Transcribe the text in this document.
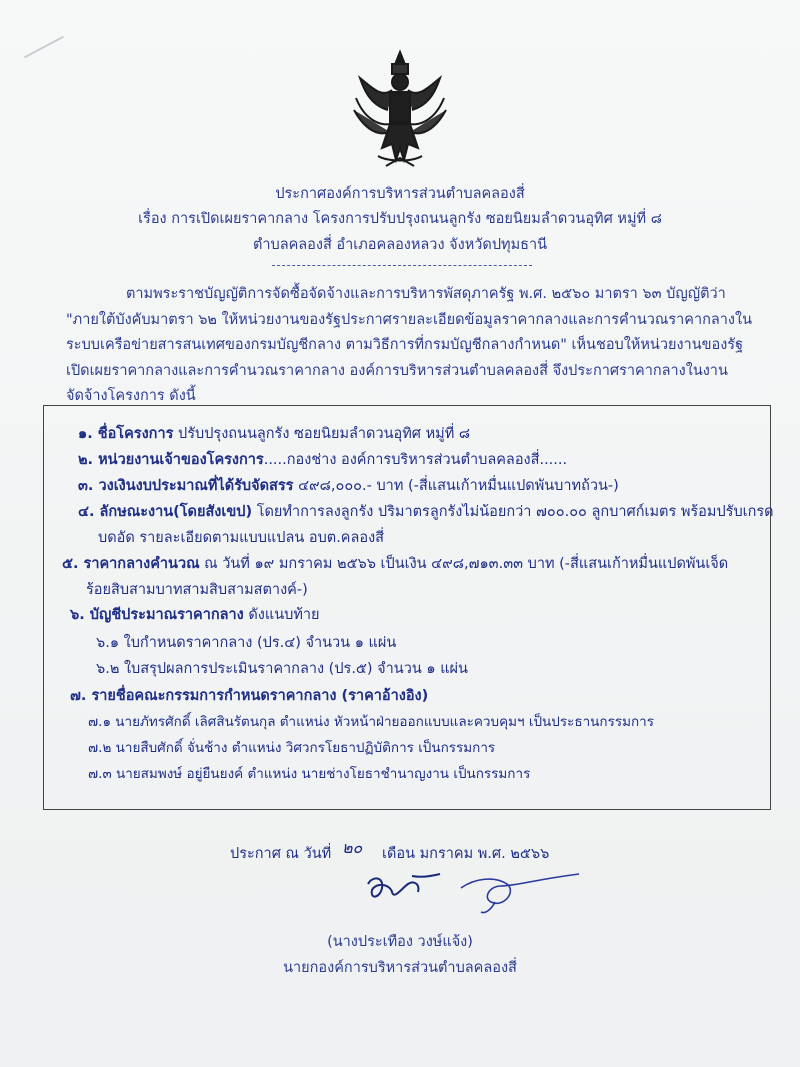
ประกาศองค์การบริหารส่วนตำบลคลองสี่
เรื่อง การเปิดเผยราคากลาง โครงการปรับปรุงถนนลูกรัง ซอยนิยมลำดวนอุทิศ หมู่ที่ ๘
ตำบลคลองสี่ อำเภอคลองหลวง จังหวัดปทุมธานี
ตามพระราชบัญญัติการจัดซื้อจัดจ้างและการบริหารพัสดุภาครัฐ พ.ศ. ๒๕๖๐ มาตรา ๖๓ บัญญัติว่า
"ภายใต้บังคับมาตรา ๖๒ ให้หน่วยงานของรัฐประกาศรายละเอียดข้อมูลราคากลางและการคำนวณราคากลางใน
ระบบเครือข่ายสารสนเทศของกรมบัญชีกลาง ตามวิธีการที่กรมบัญชีกลางกำหนด" เห็นชอบให้หน่วยงานของรัฐ
เปิดเผยราคากลางและการคำนวณราคากลาง องค์การบริหารส่วนตำบลคลองสี่ จึงประกาศราคากลางในงาน
จัดจ้างโครงการ ดังนี้
๑. ชื่อโครงการ ปรับปรุงถนนลูกรัง ซอยนิยมลำดวนอุทิศ หมู่ที่ ๘
๒. หน่วยงานเจ้าของโครงการ.....กองช่าง องค์การบริหารส่วนตำบลคลองสี่......
๓. วงเงินงบประมาณที่ได้รับจัดสรร ๔๙๘,๐๐๐.- บาท (-สี่แสนเก้าหมื่นแปดพันบาทถ้วน-)
๔. ลักษณะงาน(โดยสังเขป) โดยทำการลงลูกรัง ปริมาตรลูกรังไม่น้อยกว่า ๗๐๐.๐๐ ลูกบาศก์เมตร พร้อมปรับเกรด
บดอัด รายละเอียดตามแบบแปลน อบต.คลองสี่
๕. ราคากลางคำนวณ ณ วันที่ ๑๙ มกราคม ๒๕๖๖ เป็นเงิน ๔๙๘,๗๑๓.๓๓ บาท (-สี่แสนเก้าหมื่นแปดพันเจ็ด
ร้อยสิบสามบาทสามสิบสามสตางค์-)
๖. บัญชีประมาณราคากลาง ดังแนบท้าย
๖.๑ ใบกำหนดราคากลาง (ปร.๔) จำนวน ๑ แผ่น
๖.๒ ใบสรุปผลการประเมินราคากลาง (ปร.๕) จำนวน ๑ แผ่น
๗. รายชื่อคณะกรรมการกำหนดราคากลาง (ราคาอ้างอิง)
๗.๑ นายภัทรศักดิ์ เลิศสินรัตนกุล ตำแหน่ง หัวหน้าฝ่ายออกแบบและควบคุมฯ เป็นประธานกรรมการ
๗.๒ นายสืบศักดิ์ จั่นช้าง ตำแหน่ง วิศวกรโยธาปฏิบัติการ เป็นกรรมการ
๗.๓ นายสมพงษ์ อยู่ยืนยงค์ ตำแหน่ง นายช่างโยธาชำนาญงาน เป็นกรรมการ
ประกาศ ณ วันที่ ๒๐ เดือน มกราคม พ.ศ. ๒๕๖๖
(นางประเทือง วงษ์แจ้ง)
นายกองค์การบริหารส่วนตำบลคลองสี่
